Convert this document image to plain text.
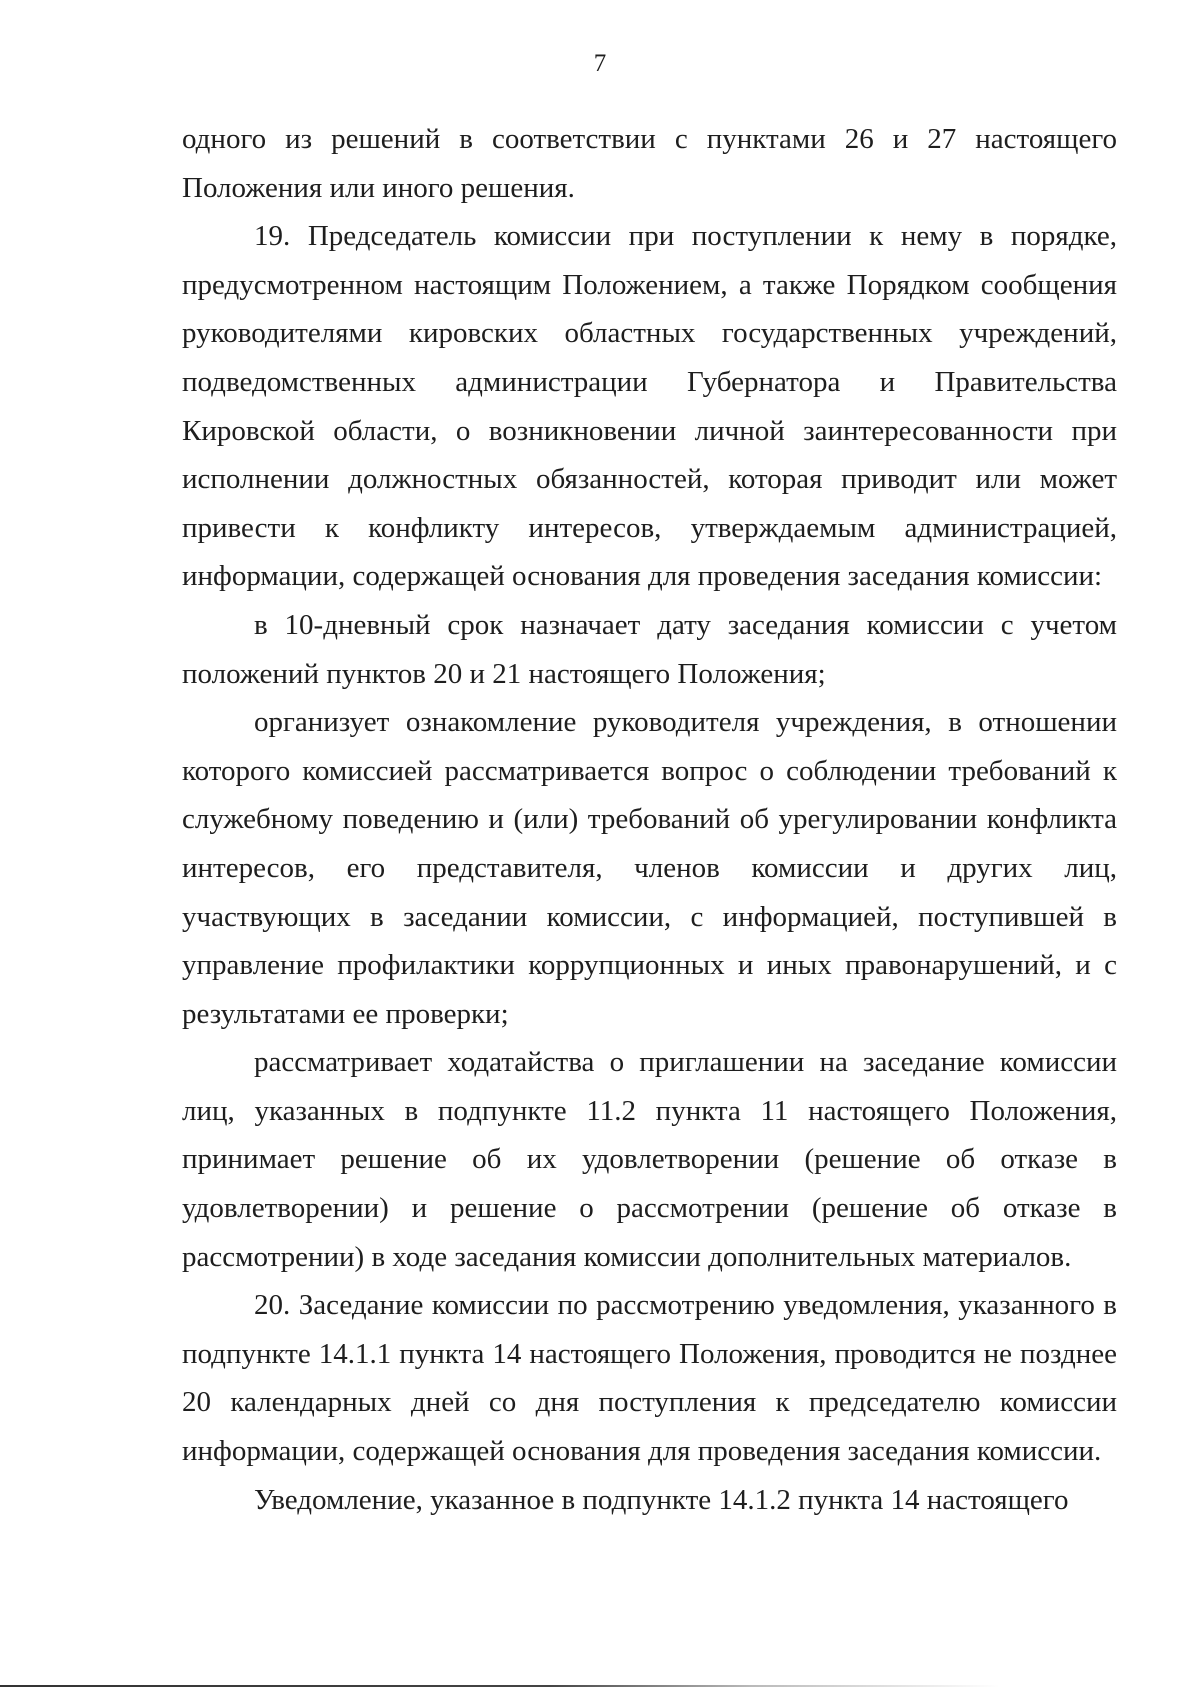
7

одного из решений в соответствии с пунктами 26 и 27 настоящего Положения или иного решения.

19. Председатель комиссии при поступлении к нему в порядке, предусмотренном настоящим Положением, а также Порядком сообщения руководителями кировских областных государственных учреждений, подведомственных администрации Губернатора и Правительства Кировской области, о возникновении личной заинтересованности при исполнении должностных обязанностей, которая приводит или может привести к конфликту интересов, утверждаемым администрацией, информации, содержащей основания для проведения заседания комиссии:

в 10-дневный срок назначает дату заседания комиссии с учетом положений пунктов 20 и 21 настоящего Положения;

организует ознакомление руководителя учреждения, в отношении которого комиссией рассматривается вопрос о соблюдении требований к служебному поведению и (или) требований об урегулировании конфликта интересов, его представителя, членов комиссии и других лиц, участвующих в заседании комиссии, с информацией, поступившей в управление профилактики коррупционных и иных правонарушений, и с результатами ее проверки;

рассматривает ходатайства о приглашении на заседание комиссии лиц, указанных в подпункте 11.2 пункта 11 настоящего Положения, принимает решение об их удовлетворении (решение об отказе в удовлетворении) и решение о рассмотрении (решение об отказе в рассмотрении) в ходе заседания комиссии дополнительных материалов.

20. Заседание комиссии по рассмотрению уведомления, указанного в подпункте 14.1.1 пункта 14 настоящего Положения, проводится не позднее 20 календарных дней со дня поступления к председателю комиссии информации, содержащей основания для проведения заседания комиссии.

Уведомление, указанное в подпункте 14.1.2 пункта 14 настоящего
